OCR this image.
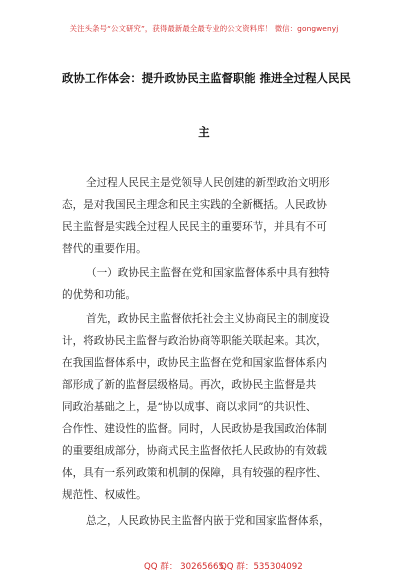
关注头条号“公文研究”，获得最新最全最专业的公文资料库！ 微信：gongwenyj
政协工作体会：提升政协民主监督职能 推进全过程人民民
主
全过程人民民主是党领导人民创建的新型政治文明形
态，是对我国民主理念和民主实践的全新概括。人民政协
民主监督是实践全过程人民民主的重要环节，并具有不可
替代的重要作用。
（一）政协民主监督在党和国家监督体系中具有独特
的优势和功能。
首先，政协民主监督依托社会主义协商民主的制度设
计，将政协民主监督与政治协商等职能关联起来。其次，
在我国监督体系中，政协民主监督在党和国家监督体系内
部形成了新的监督层级格局。再次，政协民主监督是共
同政治基础之上，是“协以成事、商以求同”的共识性、
合作性、建设性的监督。同时，人民政协是我国政治体制
的重要组成部分，协商式民主监督依托人民政协的有效载
体，具有一系列政策和机制的保障，具有较强的程序性、
规范性、权威性。
总之，人民政协民主监督内嵌于党和国家监督体系，
QQ 群： 30265665
QQ 群：535304092
